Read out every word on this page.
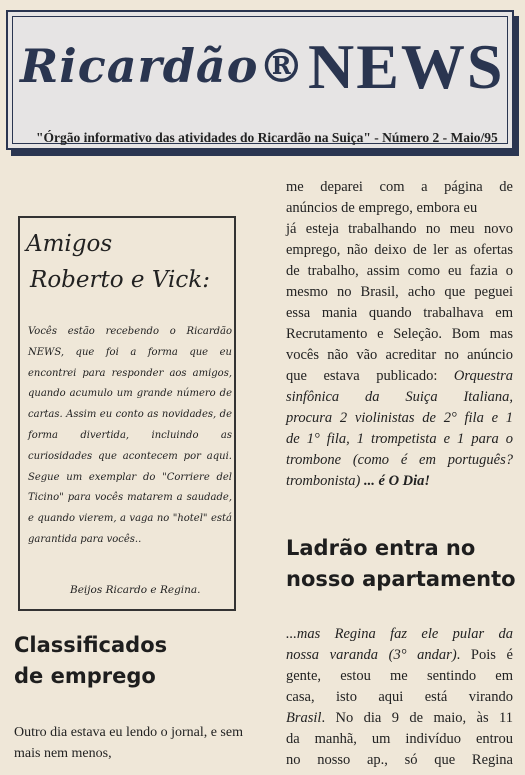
Ricardão® NEWS
"Órgão informativo das atividades do Ricardão na Suiça" - Número 2 - Maio/95
Amigos
Roberto e Vick:
Vocês estão recebendo o Ricardão NEWS, que foi a forma que eu encontrei para responder aos amigos, quando acumulo um grande número de cartas. Assim eu conto as novidades, de forma divertida, incluindo as curiosidades que acontecem por aqui. Segue um exemplar do "Corriere del Ticino" para vocês matarem a saudade, e quando vierem, a vaga no "hotel" está garantida para vocês..
Beijos Ricardo e Regina.
Classificados
de emprego
Outro dia estava eu lendo o jornal, e sem mais nem menos,
me deparei com a página de
anúncios de emprego, embora eu
já esteja trabalhando no meu novo
emprego, não deixo de ler as ofertas
de trabalho, assim como eu fazia o
mesmo no Brasil, acho que peguei
essa mania quando trabalhava em
Recrutamento e Seleção. Bom mas
vocês não vão acreditar no anúncio
que estava publicado: Orquestra
sinfônica da Suiça Italiana,
procura 2 violinistas de 2° fila e 1
de 1° fila, 1 trompetista e 1 para o
trombone (como é em português?
trombonista) ... é O Dia!
Ladrão entra no
nosso apartamento
...mas Regina faz ele pular da
nossa varanda (3° andar). Pois é
gente, estou me sentindo em
casa, isto aqui está virando
Brasil. No dia 9 de maio, às 11
da manhã, um indivíduo entrou
no nosso ap., só que Regina
